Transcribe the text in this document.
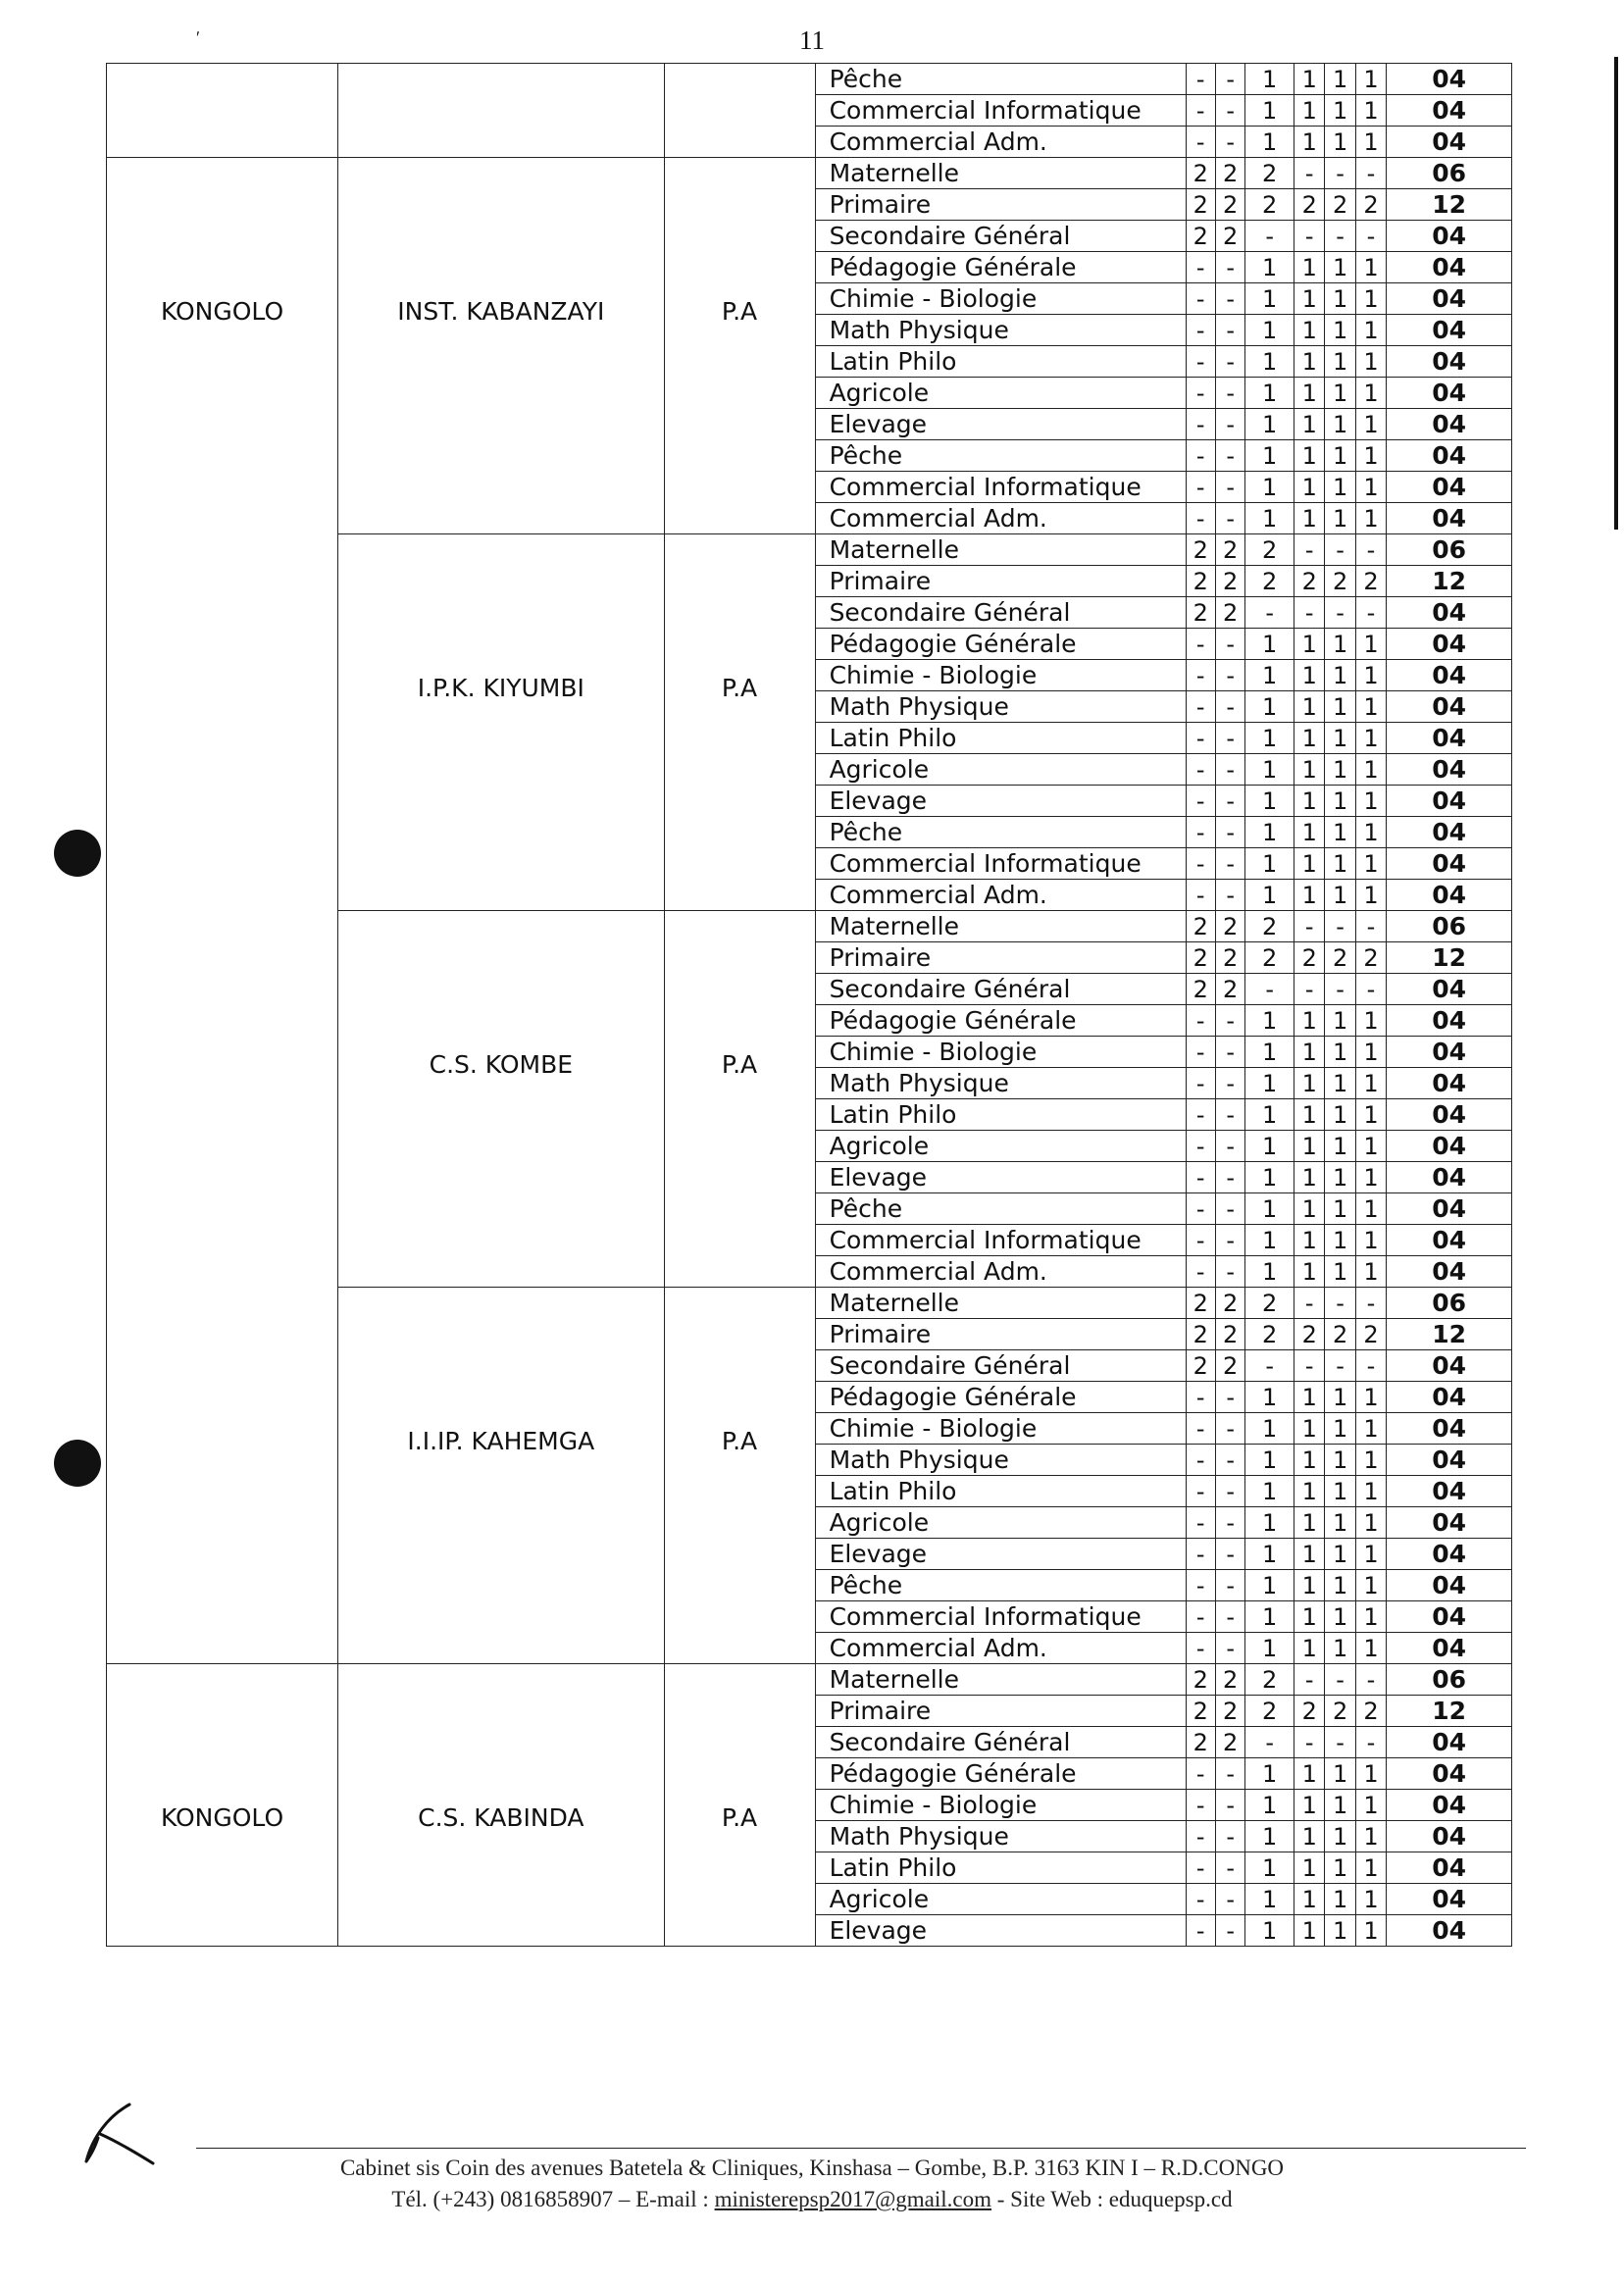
ʹ	11
			Pêche	-	-	1	1	1	1	04
			Commercial Informatique	-	-	1	1	1	1	04
			Commercial Adm.	-	-	1	1	1	1	04
KONGOLO	INST. KABANZAYI	P.A	Maternelle	2	2	2	-	-	-	06
			Primaire	2	2	2	2	2	2	12
			Secondaire Général	2	2	-	-	-	-	04
			Pédagogie Générale	-	-	1	1	1	1	04
			Chimie - Biologie	-	-	1	1	1	1	04
			Math Physique	-	-	1	1	1	1	04
			Latin Philo	-	-	1	1	1	1	04
			Agricole	-	-	1	1	1	1	04
			Elevage	-	-	1	1	1	1	04
			Pêche	-	-	1	1	1	1	04
			Commercial Informatique	-	-	1	1	1	1	04
			Commercial Adm.	-	-	1	1	1	1	04
	I.P.K. KIYUMBI	P.A	Maternelle	2	2	2	-	-	-	06
			Primaire	2	2	2	2	2	2	12
			Secondaire Général	2	2	-	-	-	-	04
			Pédagogie Générale	-	-	1	1	1	1	04
			Chimie - Biologie	-	-	1	1	1	1	04
			Math Physique	-	-	1	1	1	1	04
			Latin Philo	-	-	1	1	1	1	04
			Agricole	-	-	1	1	1	1	04
			Elevage	-	-	1	1	1	1	04
			Pêche	-	-	1	1	1	1	04
			Commercial Informatique	-	-	1	1	1	1	04
			Commercial Adm.	-	-	1	1	1	1	04
	C.S. KOMBE	P.A	Maternelle	2	2	2	-	-	-	06
			Primaire	2	2	2	2	2	2	12
			Secondaire Général	2	2	-	-	-	-	04
			Pédagogie Générale	-	-	1	1	1	1	04
			Chimie - Biologie	-	-	1	1	1	1	04
			Math Physique	-	-	1	1	1	1	04
			Latin Philo	-	-	1	1	1	1	04
			Agricole	-	-	1	1	1	1	04
			Elevage	-	-	1	1	1	1	04
			Pêche	-	-	1	1	1	1	04
			Commercial Informatique	-	-	1	1	1	1	04
			Commercial Adm.	-	-	1	1	1	1	04
	I.I.IP. KAHEMGA	P.A	Maternelle	2	2	2	-	-	-	06
			Primaire	2	2	2	2	2	2	12
			Secondaire Général	2	2	-	-	-	-	04
			Pédagogie Générale	-	-	1	1	1	1	04
			Chimie - Biologie	-	-	1	1	1	1	04
			Math Physique	-	-	1	1	1	1	04
			Latin Philo	-	-	1	1	1	1	04
			Agricole	-	-	1	1	1	1	04
			Elevage	-	-	1	1	1	1	04
			Pêche	-	-	1	1	1	1	04
			Commercial Informatique	-	-	1	1	1	1	04
			Commercial Adm.	-	-	1	1	1	1	04
KONGOLO	C.S. KABINDA	P.A	Maternelle	2	2	2	-	-	-	06
			Primaire	2	2	2	2	2	2	12
			Secondaire Général	2	2	-	-	-	-	04
			Pédagogie Générale	-	-	1	1	1	1	04
			Chimie - Biologie	-	-	1	1	1	1	04
			Math Physique	-	-	1	1	1	1	04
			Latin Philo	-	-	1	1	1	1	04
			Agricole	-	-	1	1	1	1	04
			Elevage	-	-	1	1	1	1	04
Cabinet sis Coin des avenues Batetela & Cliniques, Kinshasa – Gombe, B.P. 3163 KIN I – R.D.CONGO
Tél. (+243) 0816858907 – E-mail : ministerepsp2017@gmail.com - Site Web : eduquepsp.cd
